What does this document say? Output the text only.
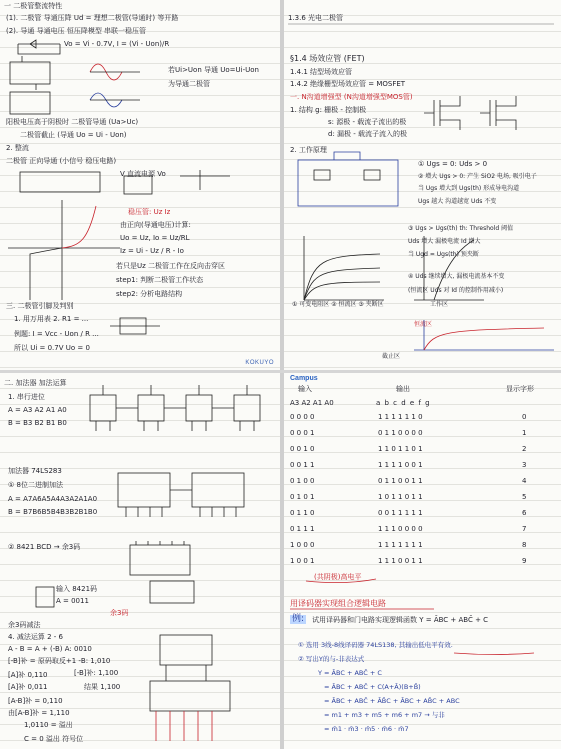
一 二极管整流特性
(1). 二极管 导通压降 Ud = 理想二极管(导通时) 等开路
(2). 导通 导通电压 恒压降模型 串联一稳压管
Vo = Vi - 0.7V, I = (Vi - Uon)/R
若Ui>Uon 导通 Uo=Ui-Uon
为导通二极管
阳极电压高于阴极时 二极管导通 (Ua>Uc)
二极管截止 (导通 Uo = Ui - Uon)
2. 整流
二极管 正向导通 (小信号 稳压电路)
V 直流电源 Vo
稳压管: Uz Iz
由正向(导通电压)计算:
Uo = Uz, Io = Uz/RL
Iz = Ui - Uz / R - Io
若只是Uz 二极管工作在反向击穿区
step1: 判断二极管工作状态
step2: 分析电路结构
三. 二极管引脚及判别
1. 用万用表 2. R1 = ...
例题: I = Vcc - Uon / R ...
所以 Ui = 0.7V Uo = 0
KOKUYO
1.3.6 光电二极管
§1.4 场效应管 (FET)
1.4.1 结型场效应管
1.4.2 绝缘栅型场效应管 = MOSFET
一. N沟道增强型 (N沟道增强型MOS管)
1. 结构 g: 栅极 - 控制极
s: 源极 - 载流子流出的极
d: 漏极 - 载流子流入的极
2. 工作原理
① Ugs = 0: Uds > 0
② 增大 Ugs > 0: 产生 SiO2 电场, 吸引电子
当 Ugs 增大到 Ugs(th) 形成导电沟道
Ugs 越大 沟道越宽 Uds 不变
③ Ugs > Ugs(th) th: Threshold 阈值
Uds 增大 漏极电流 Id 增大
当 Ugd = Ugs(th) 预夹断
④ Uds 继续增大, 漏极电流基本不变
(恒流区 Uds 对 Id 的控制作用减小)
① 可变电阻区 ② 恒流区 ③ 夹断区	工作区
恒流区
截止区
二. 加法器 加法运算
1. 串行进位
A = A3 A2 A1 A0
B = B3 B2 B1 B0
加法器 74LS283
① 8位二进制加法
A = A7A6A5A4A3A2A1A0
B = B7B6B5B4B3B2B1B0
② 8421 BCD → 余3码
输入 8421码
A = 0011
余3码
余3码减法
4. 减法运算 2 - 6
A - B = A + (-B) A: 0010
[-B]补 = 原码取反+1 -B: 1,010
[-B]补: 1,100
[A]补 0,110
[A]补 0,011	结果 1,100
[A-B]补 = 0,110
由[A-B]补 = 1,110
1,0110 = 溢出
C = 0 溢出 符号位
Campus
输入	输出	显示字形
A3 A2 A1 A0	a b c d e f g
0 0 0 0	1 1 1 1 1 1 0	0
0 0 0 1	0 1 1 0 0 0 0	1
0 0 1 0	1 1 0 1 1 0 1	2
0 0 1 1	1 1 1 1 0 0 1	3
0 1 0 0	0 1 1 0 0 1 1	4
0 1 0 1	1 0 1 1 0 1 1	5
0 1 1 0	0 0 1 1 1 1 1	6
0 1 1 1	1 1 1 0 0 0 0	7
1 0 0 0	1 1 1 1 1 1 1	8
1 0 0 1	1 1 1 0 0 1 1	9
(共阴极)高电平
用译码器实现组合逻辑电路
例: 试用译码器和门电路实现逻辑函数 Y = ĀBC + ABC̄ + C
① 选用 3线-8线译码器 74LS138, 其输出低电平有效.
② 写出Y的与-非表达式
Y = ĀBC + ABC̄ + C
= ĀBC + ABC̄ + C(A+Ā)(B+B̄)
= ĀBC + ABC̄ + ĀB̄C + ĀBC + AB̄C + ABC
= m1 + m3 + m5 + m6 + m7 → 与非
= m̄1 · m̄3 · m̄5 · m̄6 · m̄7
